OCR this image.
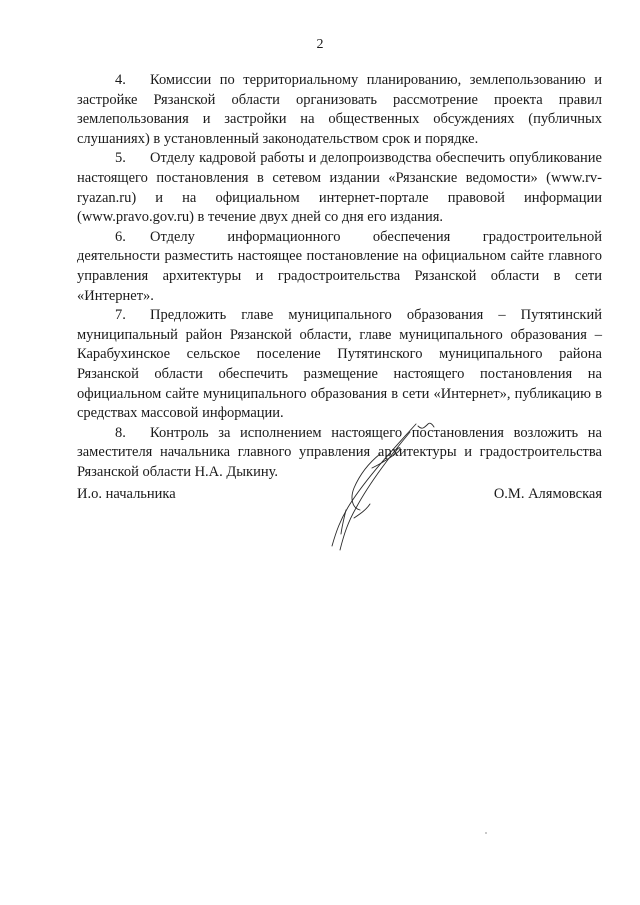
2

4. Комиссии по территориальному планированию, землепользованию и застройке Рязанской области организовать рассмотрение проекта правил землепользования и застройки на общественных обсуждениях (публичных слушаниях) в установленный законодательством срок и порядке.

5. Отделу кадровой работы и делопроизводства обеспечить опубликование настоящего постановления в сетевом издании «Рязанские ведомости» (www.rv-ryazan.ru) и на официальном интернет-портале правовой информации (www.pravo.gov.ru) в течение двух дней со дня его издания.

6. Отделу информационного обеспечения градостроительной деятельности разместить настоящее постановление на официальном сайте главного управления архитектуры и градостроительства Рязанской области в сети «Интернет».

7. Предложить главе муниципального образования – Путятинский муниципальный район Рязанской области, главе муниципального образования – Карабухинское сельское поселение Путятинского муниципального района Рязанской области обеспечить размещение настоящего постановления на официальном сайте муниципального образования в сети «Интернет», публикацию в средствах массовой информации.

8. Контроль за исполнением настоящего постановления возложить на заместителя начальника главного управления архитектуры и градостроительства Рязанской области Н.А. Дыкину.

И.о. начальника	О.М. Алямовская
